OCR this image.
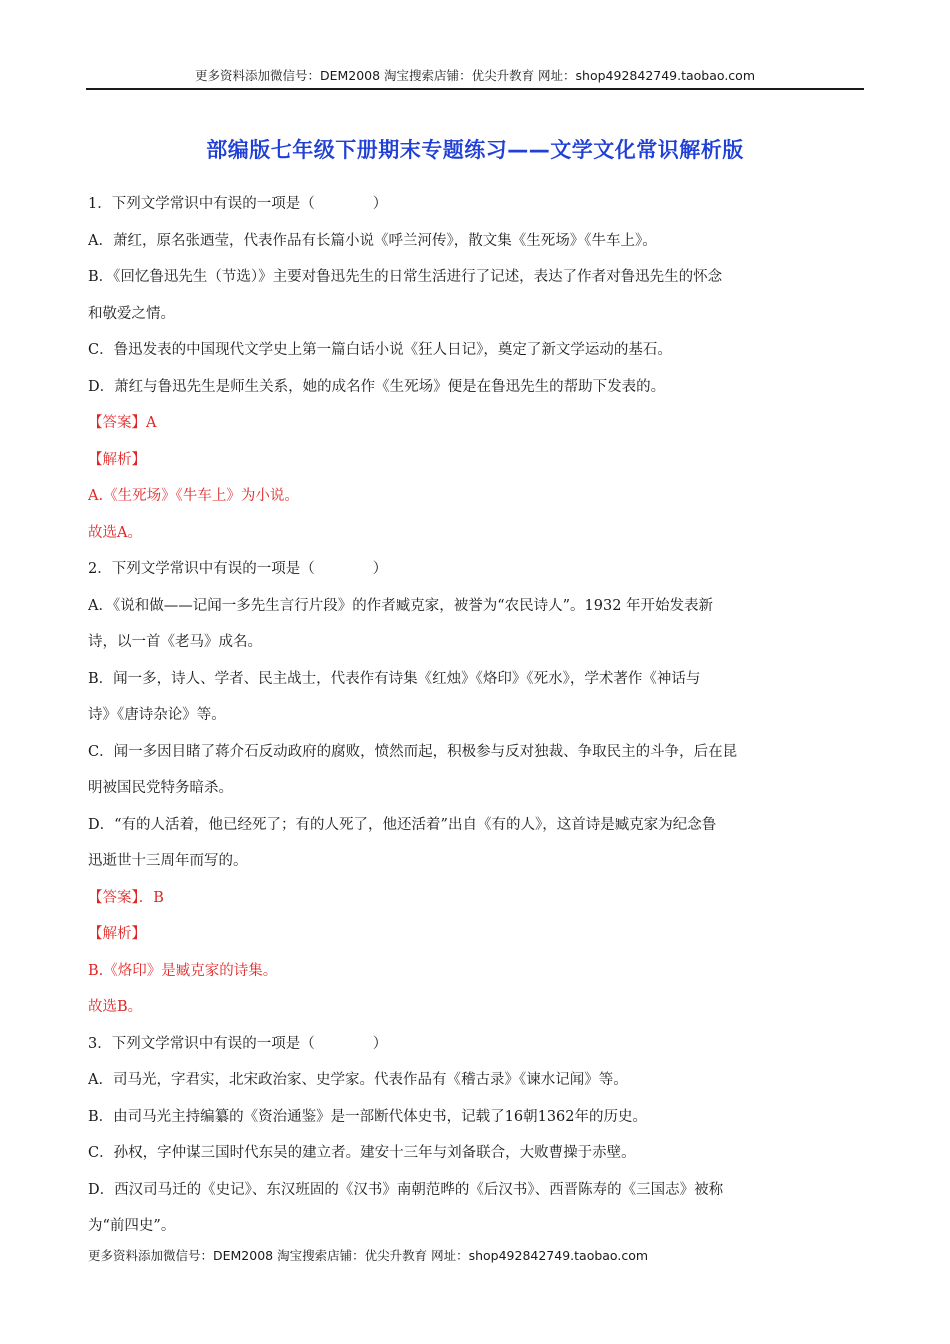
更多资料添加微信号：DEM2008 淘宝搜索店铺：优尖升教育 网址：shop492842749.taobao.com
部编版七年级下册期末专题练习——文学文化常识解析版
1．下列文学常识中有误的一项是（　　　　）
A．萧红，原名张迺莹，代表作品有长篇小说《呼兰河传》，散文集《生死场》《牛车上》。
B．《回忆鲁迅先生（节选）》主要对鲁迅先生的日常生活进行了记述，表达了作者对鲁迅先生的怀念
和敬爱之情。
C．鲁迅发表的中国现代文学史上第一篇白话小说《狂人日记》，奠定了新文学运动的基石。
D．萧红与鲁迅先生是师生关系，她的成名作《生死场》便是在鲁迅先生的帮助下发表的。
【答案】A
【解析】
A.《生死场》《牛车上》为小说。
故选A。
2．下列文学常识中有误的一项是（　　　　）
A．《说和做——记闻一多先生言行片段》的作者臧克家，被誉为“农民诗人”。1932 年开始发表新
诗，以一首《老马》成名。
B．闻一多，诗人、学者、民主战士，代表作有诗集《红烛》《烙印》《死水》，学术著作《神话与
诗》《唐诗杂论》等。
C．闻一多因目睹了蒋介石反动政府的腐败，愤然而起，积极参与反对独裁、争取民主的斗争，后在昆
明被国民党特务暗杀。
D．“有的人活着，他已经死了；有的人死了，他还活着”出自《有的人》，这首诗是臧克家为纪念鲁
迅逝世十三周年而写的。
【答案】．B
【解析】
B.《烙印》是臧克家的诗集。
故选B。
3．下列文学常识中有误的一项是（　　　　）
A．司马光，字君实，北宋政治家、史学家。代表作品有《稽古录》《谏水记闻》等。
B．由司马光主持编纂的《资治通鉴》是一部断代体史书，记载了16朝1362年的历史。
C．孙权，字仲谋三国时代东吴的建立者。建安十三年与刘备联合，大败曹操于赤壁。
D．西汉司马迁的《史记》、东汉班固的《汉书》南朝范晔的《后汉书》、西晋陈寿的《三国志》被称
为“前四史”。
更多资料添加微信号：DEM2008 淘宝搜索店铺：优尖升教育 网址：shop492842749.taobao.com
